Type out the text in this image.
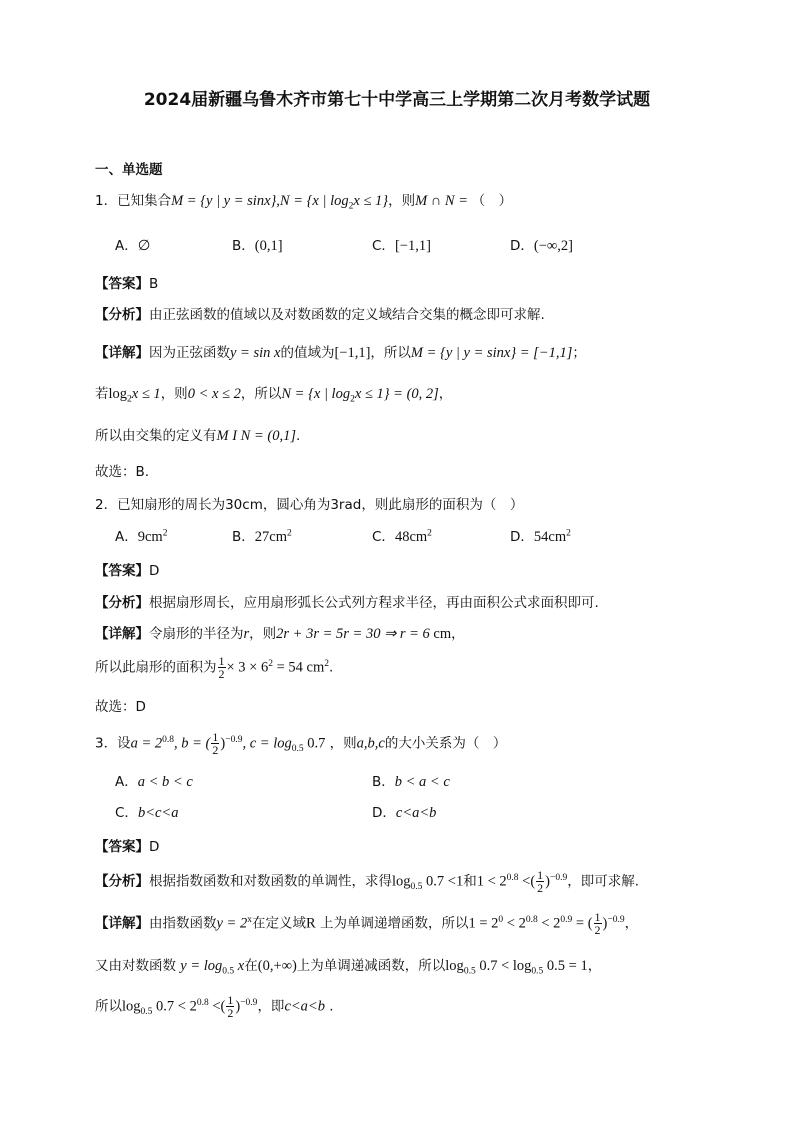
2024届新疆乌鲁木齐市第七十中学高三上学期第二次月考数学试题
一、单选题
1．已知集合M = {y | y = sinx},N = {x | $\log_2x \le 1$}，则M ∩ N = （　）
A．∅	B．(0,1]	C．[−1,1]	D．(−∞,2]
【答案】B
【分析】由正弦函数的值域以及对数函数的定义域结合交集的概念即可求解.
【详解】因为正弦函数y = sin x的值域为[−1,1]，所以M = {y | y = sinx} = [−1,1]；
若$\log_2x \le 1$，则0 < x ≤ 2，所以N = {x | $\log_2x \le 1\} = (0$, 2]，
所以由交集的定义有M I N = (0,1].
故选：B.
2．已知扇形的周长为30cm，圆心角为3rad，则此扇形的面积为（　）
A．$9cm^2$	B．$27cm^2$	C．$48cm^2$	D．$54cm^2$
【答案】D
【分析】根据扇形周长，应用扇形弧长公式列方程求半径，再由面积公式求面积即可.
【详解】令扇形的半径为r，则2r + 3r = 5r = 30 ⇒ r = 6 cm，
所以此扇形的面积为 $\frac{1}{2} \times 3 \times 6^2 = 54$ $cm^2$.
故选：D
3．设$a = 2^{0.8}$, b = ( $\frac{1}{2} )^{-0.9}$, $c = \log_{0.5} 0.7$ ，则a,b,c的大小关系为（　）
A．a < b < c	B．b < a < c
C．b<c<a	D．c<a<b
【答案】D
【分析】根据指数函数和对数函数的单调性，求得$\log_{0.5} 0.7 <1$和$1 < 2^{0.8}$ <( $\frac{1}{2} )^{-0.9}$，即可求解.
【详解】由指数函数$y = 2^x$在定义域R 上为单调递增函数，所以$1 = 2^0 < 2^{0.8} < 2^{0.9}$ = ( $\frac{1}{2} )^{-0.9}$，
又由对数函数 $y = \log_{0.5} x$在(0,+∞)上为单调递减函数，所以$\log_{0.5} 0.7 < \log_{0.5} 0.5 = 1$，
所以$\log_{0.5} 0.7 < 2^{0.8}$ <( $\frac{1}{2} )^{-0.9}$，即c<a<b .
